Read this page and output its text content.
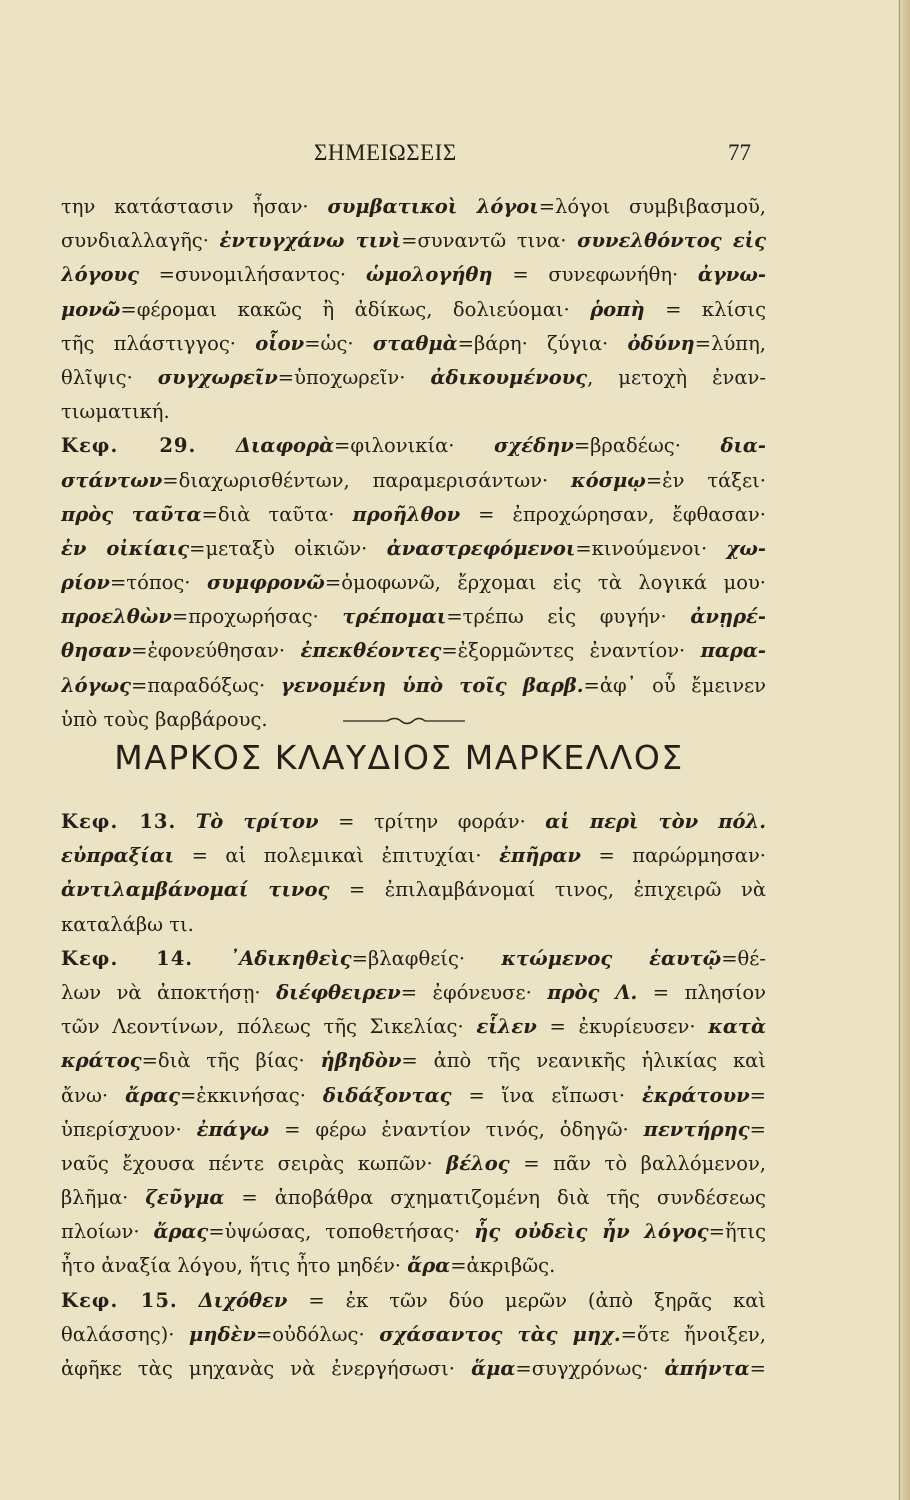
ΣΗΜΕΙΩΣΕΙΣ	77
την κατάστασιν ἦσαν· συμβατικοὶ λόγοι=λόγοι συμβιβασμοῦ,
συνδιαλλαγῆς· ἐντυγχάνω τινὶ=συναντῶ τινα· συνελθόντος εἰς
λόγους =συνομιλήσαντος· ὡμολογήθη = συνεφωνήθη· ἀγνω-
μονῶ=φέρομαι κακῶς ἢ ἀδίκως, δολιεύομαι· ῥοπὴ = κλίσις
τῆς πλάστιγγος· οἷον=ὡς· σταθμὰ=βάρη· ζύγια· ὀδύνη=λύπη,
θλῖψις· συγχωρεῖν=ὑποχωρεῖν· ἀδικουμένους, μετοχὴ ἐναν-
τιωματική.
Κεφ. 29. Διαφορὰ=φιλονικία· σχέδην=βραδέως· δια-
στάντων=διαχωρισθέντων, παραμερισάντων· κόσμῳ=ἐν τάξει·
πρὸς ταῦτα=διὰ ταῦτα· προῆλθον = ἐπροχώρησαν, ἔφθασαν·
ἐν οἰκίαις=μεταξὺ οἰκιῶν· ἀναστρεφόμενοι=κινούμενοι· χω-
ρίον=τόπος· συμφρονῶ=ὁμοφωνῶ, ἔρχομαι εἰς τὰ λογικά μου·
προελθὼν=προχωρήσας· τρέπομαι=τρέπω εἰς φυγήν· ἀνῃρέ-
θησαν=ἐφονεύθησαν· ἐπεκθέοντες=ἐξορμῶντες ἐναντίον· παρα-
λόγως=παραδόξως· γενομένη ὑπὸ τοῖς βαρβ.=ἀφ᾽ οὗ ἔμεινεν
ὑπὸ τοὺς βαρβάρους.
ΜΑΡΚΟΣ ΚΛΑΥΔΙΟΣ ΜΑΡΚΕΛΛΟΣ
Κεφ. 13. Τὸ τρίτον = τρίτην φοράν· αἱ περὶ τὸν πόλ.
εὐπραξίαι = αἱ πολεμικαὶ ἐπιτυχίαι· ἐπῆραν = παρώρμησαν·
ἀντιλαμβάνομαί τινος = ἐπιλαμβάνομαί τινος, ἐπιχειρῶ νὰ
καταλάβω τι.
Κεφ. 14. ᾿Αδικηθεὶς=βλαφθείς· κτώμενος ἑαυτῷ=θέ-
λων νὰ ἀποκτήσῃ· διέφθειρεν= ἐφόνευσε· πρὸς Λ. = πλησίον
τῶν Λεοντίνων, πόλεως τῆς Σικελίας· εἷλεν = ἐκυρίευσεν· κατὰ
κράτος=διὰ τῆς βίας· ἡβηδὸν= ἀπὸ τῆς νεανικῆς ἡλικίας καὶ
ἄνω· ἄρας=ἐκκινήσας· διδάξοντας = ἵνα εἴπωσι· ἐκράτουν=
ὑπερίσχυον· ἐπάγω = φέρω ἐναντίον τινός, ὁδηγῶ· πεντήρης=
ναῦς ἔχουσα πέντε σειρὰς κωπῶν· βέλος = πᾶν τὸ βαλλόμενον,
βλῆμα· ζεῦγμα = ἀποβάθρα σχηματιζομένη διὰ τῆς συνδέσεως
πλοίων· ἄρας=ὑψώσας, τοποθετήσας· ἧς οὐδεὶς ἦν λόγος=ἥτις
ἦτο ἀναξία λόγου, ἥτις ἦτο μηδέν· ἄρα=ἀκριβῶς.
Κεφ. 15. Διχόθεν = ἐκ τῶν δύο μερῶν (ἀπὸ ξηρᾶς καὶ
θαλάσσης)· μηδὲν=οὐδόλως· σχάσαντος τὰς μηχ.=ὅτε ἤνοιξεν,
ἀφῆκε τὰς μηχανὰς νὰ ἐνεργήσωσι· ἅμα=συγχρόνως· ἀπήντα=
